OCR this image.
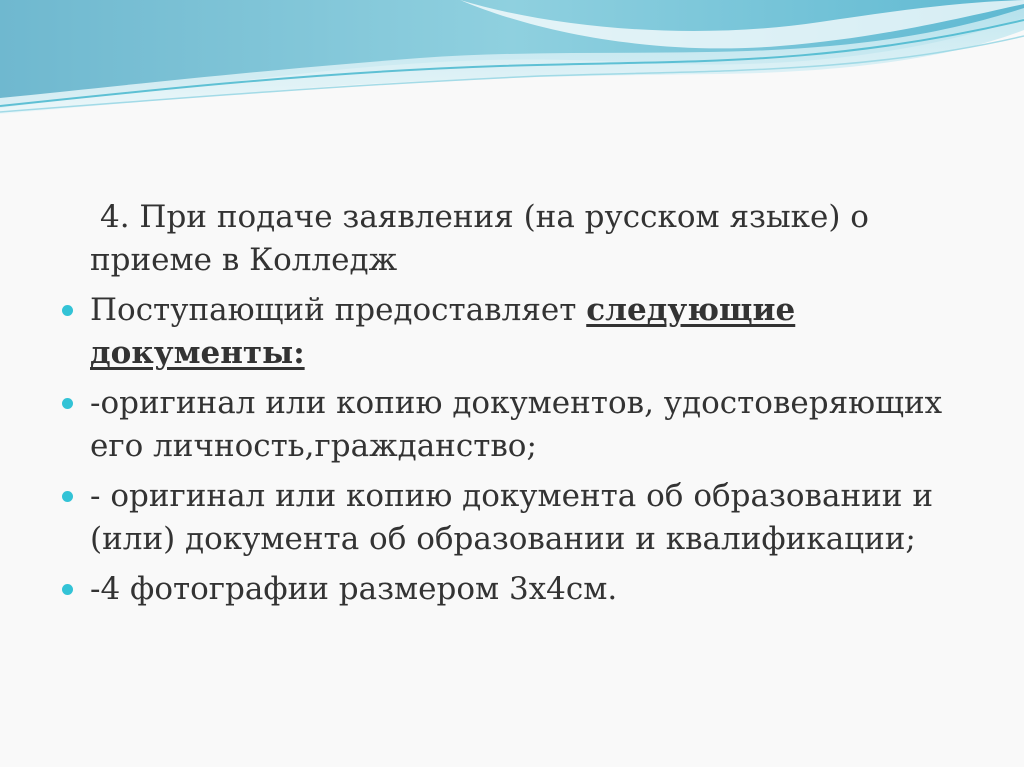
4. При подаче заявления (на русском языке) о
приеме в Колледж

Поступающий предоставляет следующие документы:
-оригинал или копию документов, удостоверяющих его личность,гражданство;
- оригинал или копию документа об образовании и (или) документа об образовании и квалификации;
-4 фотографии размером 3х4см.
